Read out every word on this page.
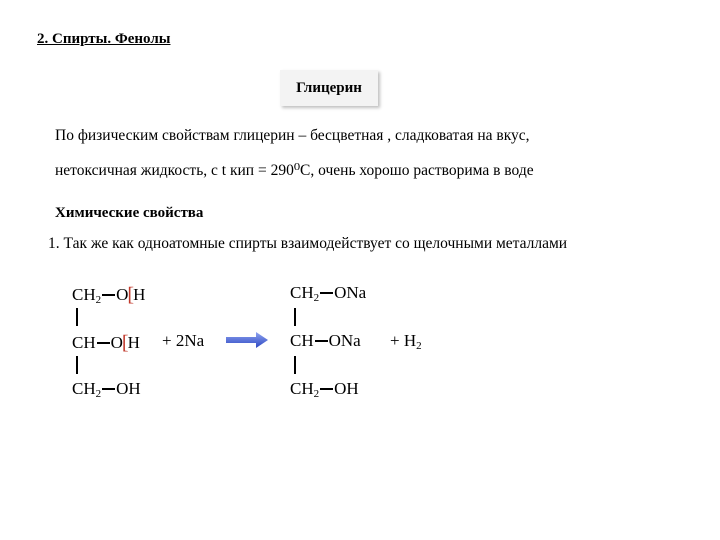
2. Спирты. Фенолы
Глицерин
По физическим свойствам глицерин – бесцветная , сладковатая на вкус,
нетоксичная жидкость, с t кип = 290⁰С, очень хорошо растворима в воде
Химические свойства
1. Так же как одноатомные спирты взаимодействует со щелочными металлами
$CH_2$ O[H
CH O[H + 2Na
$CH_2$ OH
$CH_2$ ONa
CH ONa + $H_2$
$CH_2$ OH
